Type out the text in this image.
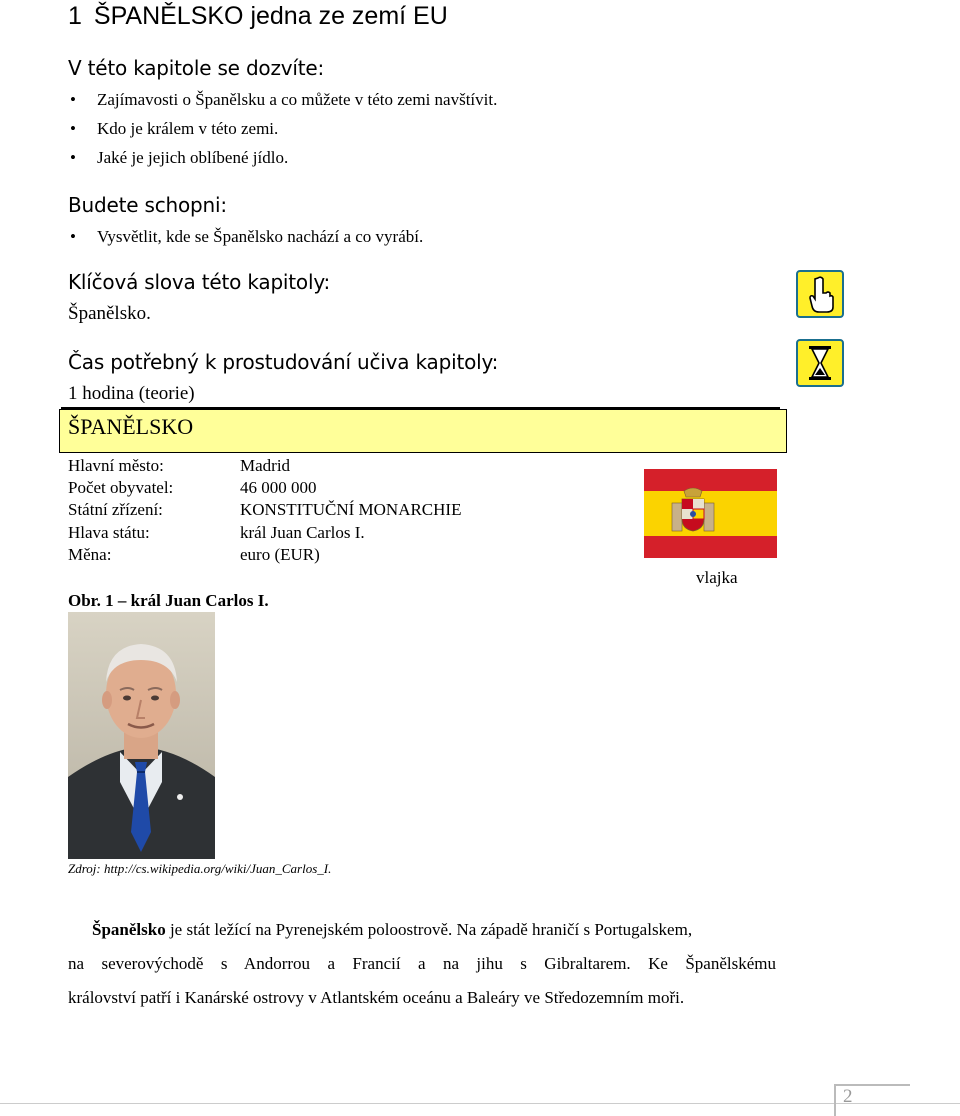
1 ŠPANĚLSKO jedna ze zemí EU
V této kapitole se dozvíte:
• Zajímavosti o Španělsku a co můžete v této zemi navštívit.
• Kdo je králem v této zemi.
• Jaké je jejich oblíbené jídlo.
Budete schopni:
• Vysvětlit, kde se Španělsko nachází a co vyrábí.
Klíčová slova této kapitoly:
Španělsko.
Čas potřebný k prostudování učiva kapitoly:
1 hodina (teorie)
ŠPANĚLSKO
Hlavní město:	Madrid
Počet obyvatel:	46 000 000
Státní zřízení:	KONSTITUČNÍ MONARCHIE
Hlava státu:	král Juan Carlos I.
Měna:	euro (EUR)
vlajka
Obr. 1 – král Juan Carlos I.
Zdroj: http://cs.wikipedia.org/wiki/Juan_Carlos_I.
Španělsko je stát ležící na Pyrenejském poloostrově. Na západě hraničí s Portugalskem,
na severovýchodě s Andorrou a Francií a na jihu s Gibraltarem. Ke Španělskému
království patří i Kanárské ostrovy v Atlantském oceánu a Baleáry ve Středozemním moři.
2
